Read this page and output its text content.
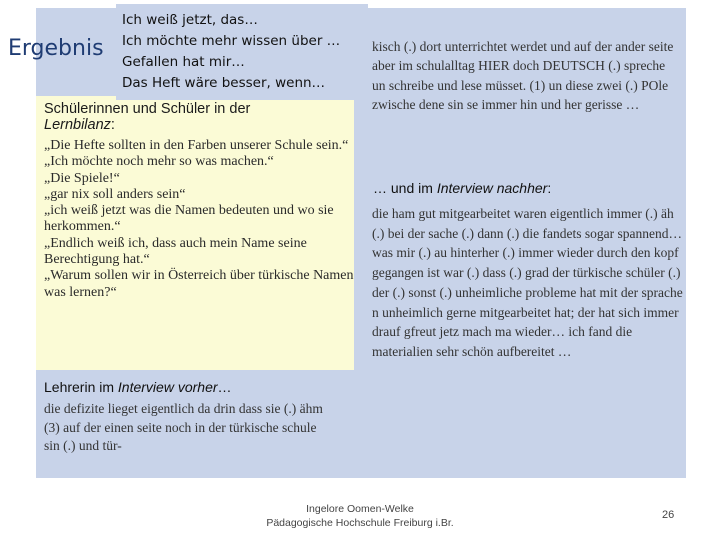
Ergebnis
Ich weiß jetzt, das…
Ich möchte mehr wissen über …
Gefallen hat mir…
Das Heft wäre besser, wenn…
Schülerinnen und Schüler in der
Lernbilanz:
„Die Hefte sollten in den Farben unserer Schule sein.“
„Ich möchte noch mehr so was machen.“
„Die Spiele!“
„gar nix soll anders sein“
„ich weiß jetzt was die Namen bedeuten und wo sie herkommen.“
„Endlich weiß ich, dass auch mein Name seine Berechtigung hat.“
„Warum sollen wir in Österreich über türkische Namen was lernen?“
Lehrerin im Interview vorher…
die defizite lieget eigentlich da drin dass sie (.) ähm (3) auf der einen seite noch in der türkische schule sin (.) und tür-
kisch (.) dort unterrichtet werdet und auf der ander seite aber im schulalltag HIER doch DEUTSCH (.) spreche un schreibe und lese müsset. (1) un diese zwei (.) POle zwische dene sin se immer hin und her gerisse …
… und im Interview nachher:
die ham gut mitgearbeitet waren eigentlich immer (.) äh (.) bei der sache (.) dann (.) die fandets sogar spannend… was mir (.) au hinterher (.) immer wieder durch den kopf gegangen ist war (.) dass (.) grad der türkische schüler (.) der (.) sonst (.) unheimliche probleme hat mit der sprache n unheimlich gerne mitgearbeitet hat; der hat sich immer drauf gfreut jetz mach ma wieder… ich fand die materialien sehr schön aufbereitet …
Ingelore Oomen-Welke
Pädagogische Hochschule Freiburg i.Br.
26
